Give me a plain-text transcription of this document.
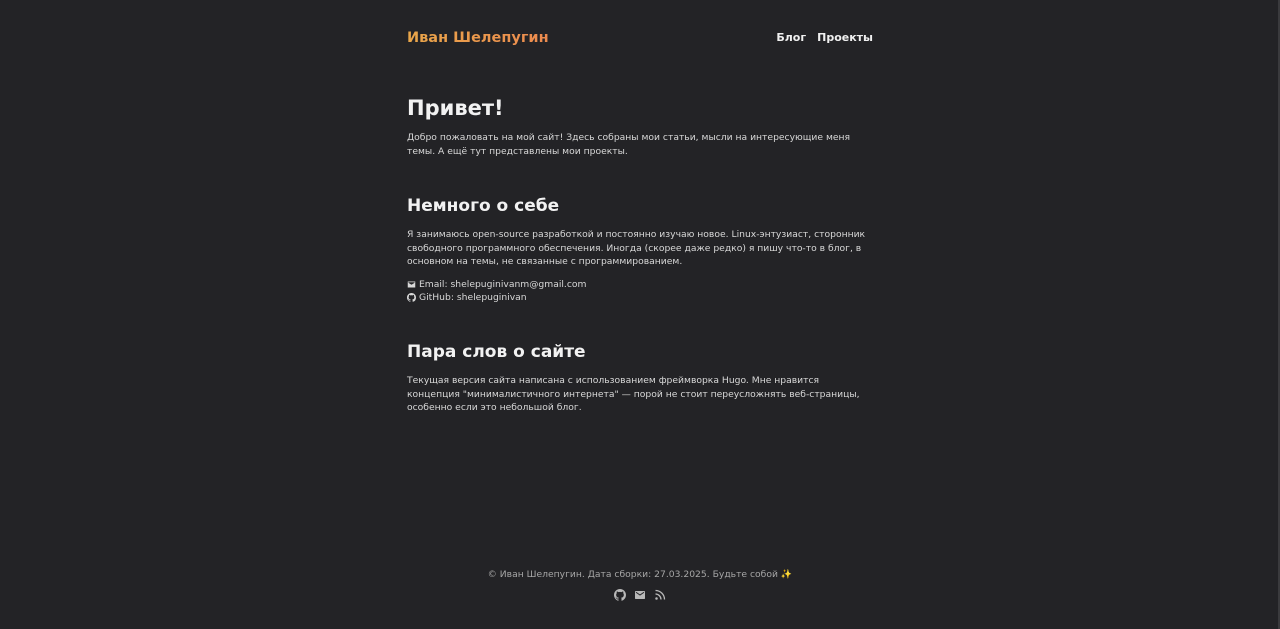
Иван Шелепугин	Блог Проекты
Привет!

Добро пожаловать на мой сайт! Здесь собраны мои статьи, мысли на интересующие меня темы. А ещё тут представлены мои проекты.

Немного о себе

Я занимаюсь open-source разработкой и постоянно изучаю новое. Linux-энтузиаст, сторонник свободного программного обеспечения. Иногда (скорее даже редко) я пишу что-то в блог, в основном на темы, не связанные с программированием.

Email: shelepuginivanm@gmail.com
GitHub: shelepuginivan
Пара слов о сайте

Текущая версия сайта написана с использованием фреймворка Hugo. Мне нравится концепция "минималистичного интернета" — порой не стоит переусложнять веб-страницы, особенно если это небольшой блог.

© Иван Шелепугин. Дата сборки: 27.03.2025. Будьте собой ✨
